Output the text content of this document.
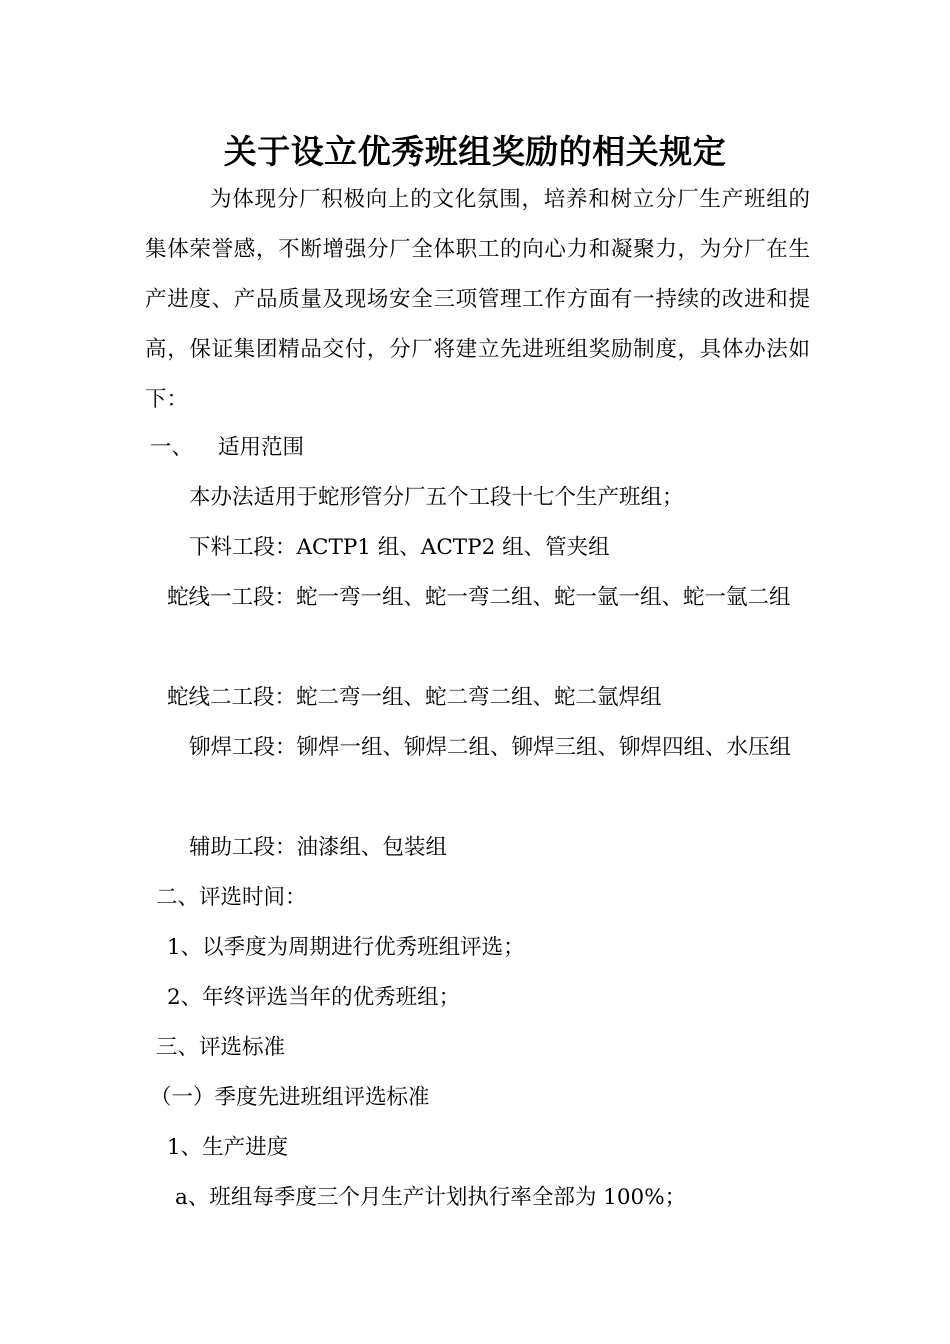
关于设立优秀班组奖励的相关规定
为体现分厂积极向上的文化氛围，培养和树立分厂生产班组的集体荣誉感，不断增强分厂全体职工的向心力和凝聚力，为分厂在生产进度、产品质量及现场安全三项管理工作方面有一持续的改进和提高，保证集团精品交付，分厂将建立先进班组奖励制度，具体办法如下：
一、 适用范围
本办法适用于蛇形管分厂五个工段十七个生产班组；
下料工段：ACTP1 组、ACTP2 组、管夹组
蛇线一工段：蛇一弯一组、蛇一弯二组、蛇一氩一组、蛇一氩二组
蛇线二工段：蛇二弯一组、蛇二弯二组、蛇二氩焊组
铆焊工段：铆焊一组、铆焊二组、铆焊三组、铆焊四组、水压组
辅助工段：油漆组、包装组
二、评选时间：
1、以季度为周期进行优秀班组评选；
2、年终评选当年的优秀班组；
三、评选标准
（一）季度先进班组评选标准
1、生产进度
a、班组每季度三个月生产计划执行率全部为 100%；
